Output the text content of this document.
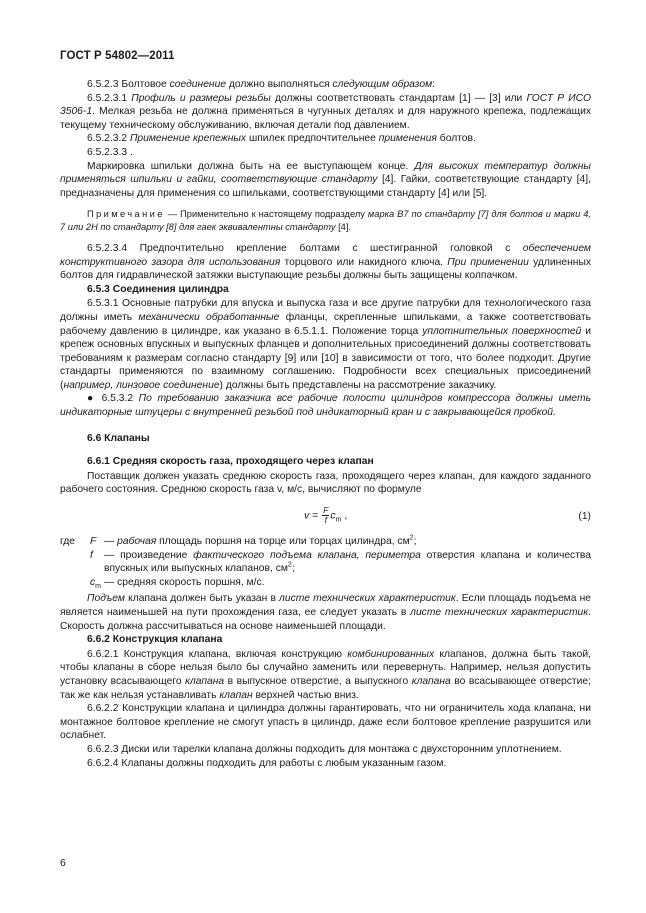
ГОСТ Р 54802—2011

6.5.2.3 Болтовое соединение должно выполняться следующим образом:

6.5.2.3.1 Профиль и размеры резьбы должны соответствовать стандартам [1] — [3] или ГОСТ Р ИСО 3506-1. Мелкая резьба не должна применяться в чугунных деталях и для наружного крепежа, подлежащих текущему техническому обслуживанию, включая детали под давлением.

6.5.2.3.2 Применение крепежных шпилек предпочтительнее применения болтов.

6.5.2.3.3 .

Маркировка шпильки должна быть на ее выступающем конце. Для высоких температур должны применяться шпильки и гайки, соответствующие стандарту [4]. Гайки, соответствующие стандарту [4], предназначены для применения со шпильками, соответствующими стандарту [4] или [5].

Примечание — Применительно к настоящему подразделу марка В7 по стандарту [7] для болтов и марки 4, 7 или 2Н по стандарту [8] для гаек эквивалентны стандарту [4].

6.5.2.3.4 Предпочтительно крепление болтами с шестигранной головкой с обеспечением конструктивного зазора для использования торцового или накидного ключа. При применении удлиненных болтов для гидравлической затяжки выступающие резьбы должны быть защищены колпачком.

6.5.3 Соединения цилиндра

6.5.3.1 Основные патрубки для впуска и выпуска газа и все другие патрубки для технологического газа должны иметь механически обработанные фланцы, скрепленные шпильками, а также соответствовать рабочему давлению в цилиндре, как указано в 6.5.1.1. Положение торца уплотнительных поверхностей и крепеж основных впускных и выпускных фланцев и дополнительных присоединений должны соответствовать требованиям к размерам согласно стандарту [9] или [10] в зависимости от того, что более подходит. Другие стандарты применяются по взаимному соглашению. Подробности всех специальных присоединений (например, линзовое соединение) должны быть представлены на рассмотрение заказчику.

● 6.5.3.2 По требованию заказчика все рабочие полости цилиндров компрессора должны иметь индикаторные штуцеры с внутренней резьбой под индикаторный кран и с закрывающейся пробкой.

6.6 Клапаны
6.6.1 Средняя скорость газа, проходящего через клапан

Поставщик должен указать среднюю скорость газа, проходящего через клапан, для каждого заданного рабочего состояния. Среднюю скорость газа v, м/с, вычисляют по формуле

$v = \frac{F}{f} c_m$ ,	(1)
где	F	— рабочая площадь поршня на торце или торцах цилиндра, $см^2$;
	f	— произведение фактического подъема клапана, периметра отверстия клапана и количества впускных или выпускных клапанов, $см^2$;
	$c_m$	— средняя скорость поршня, м/с.

Подъем клапана должен быть указан в листе технических характеристик. Если площадь подъема не является наименьшей на пути прохождения газа, ее следует указать в листе технических характеристик. Скорость должна рассчитываться на основе наименьшей площади.

6.6.2 Конструкция клапана

6.6.2.1 Конструкция клапана, включая конструкцию комбинированных клапанов, должна быть такой, чтобы клапаны в сборе нельзя было бы случайно заменить или перевернуть. Например, нельзя допустить установку всасывающего клапана в выпускное отверстие, а выпускного клапана во всасывающее отверстие; так же как нельзя устанавливать клапан верхней частью вниз.

6.6.2.2 Конструкции клапана и цилиндра должны гарантировать, что ни ограничитель хода клапана, ни монтажное болтовое крепление не смогут упасть в цилиндр, даже если болтовое крепление разрушится или ослабнет.

6.6.2.3 Диски или тарелки клапана должны подходить для монтажа с двухсторонним уплотнением.

6.6.2.4 Клапаны должны подходить для работы с любым указанным газом.

6
